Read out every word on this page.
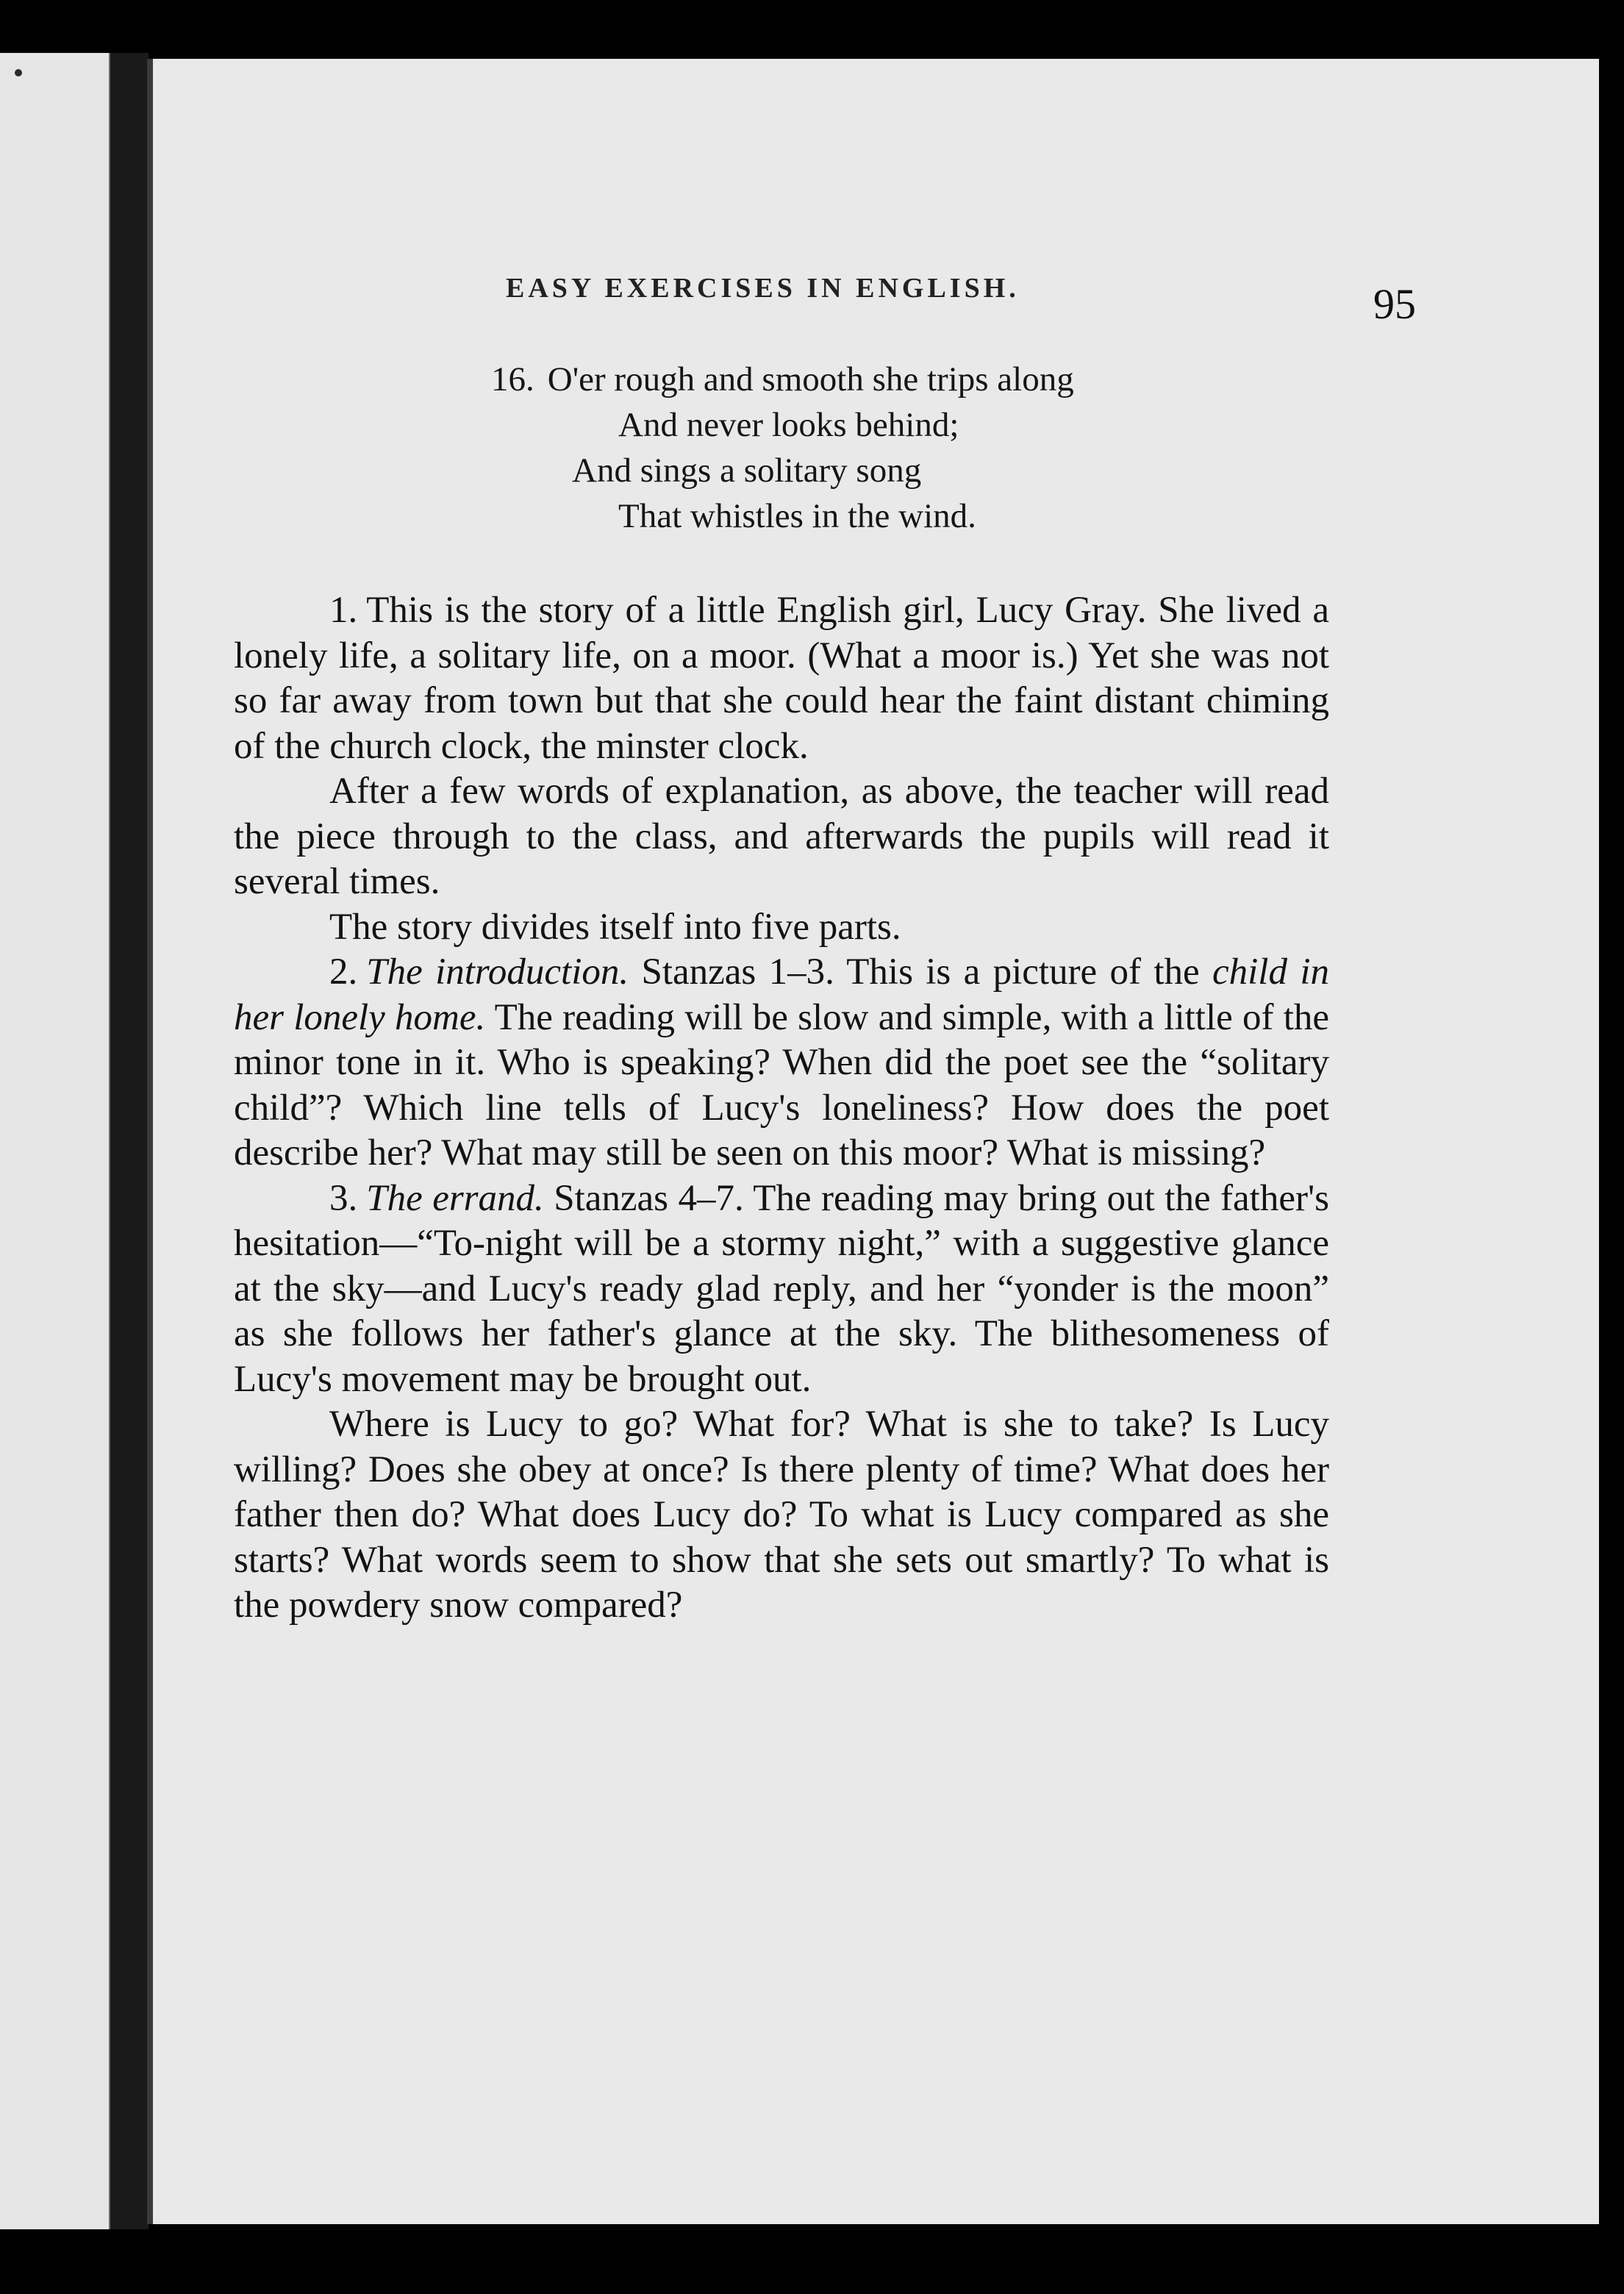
EASY EXERCISES IN ENGLISH.	95
16. O'er rough and smooth she trips along
And never looks behind;
And sings a solitary song
That whistles in the wind.

1. This is the story of a little English girl, Lucy Gray. She lived a lonely life, a solitary life, on a moor. (What a moor is.) Yet she was not so far away from town but that she could hear the faint distant chiming of the church clock, the minster clock.

After a few words of explanation, as above, the teacher will read the piece through to the class, and afterwards the pupils will read it several times.

The story divides itself into five parts.

2. The introduction. Stanzas 1–3. This is a picture of the child in her lonely home. The reading will be slow and simple, with a little of the minor tone in it. Who is speaking? When did the poet see the “solitary child”? Which line tells of Lucy's loneliness? How does the poet describe her? What may still be seen on this moor? What is missing?

3. The errand. Stanzas 4–7. The reading may bring out the father's hesitation—“To-night will be a stormy night,” with a suggestive glance at the sky—and Lucy's ready glad reply, and her “yonder is the moon” as she follows her father's glance at the sky. The blithesomeness of Lucy's movement may be brought out.

Where is Lucy to go? What for? What is she to take? Is Lucy willing? Does she obey at once? Is there plenty of time? What does her father then do? What does Lucy do? To what is Lucy compared as she starts? What words seem to show that she sets out smartly? To what is the powdery snow compared?
